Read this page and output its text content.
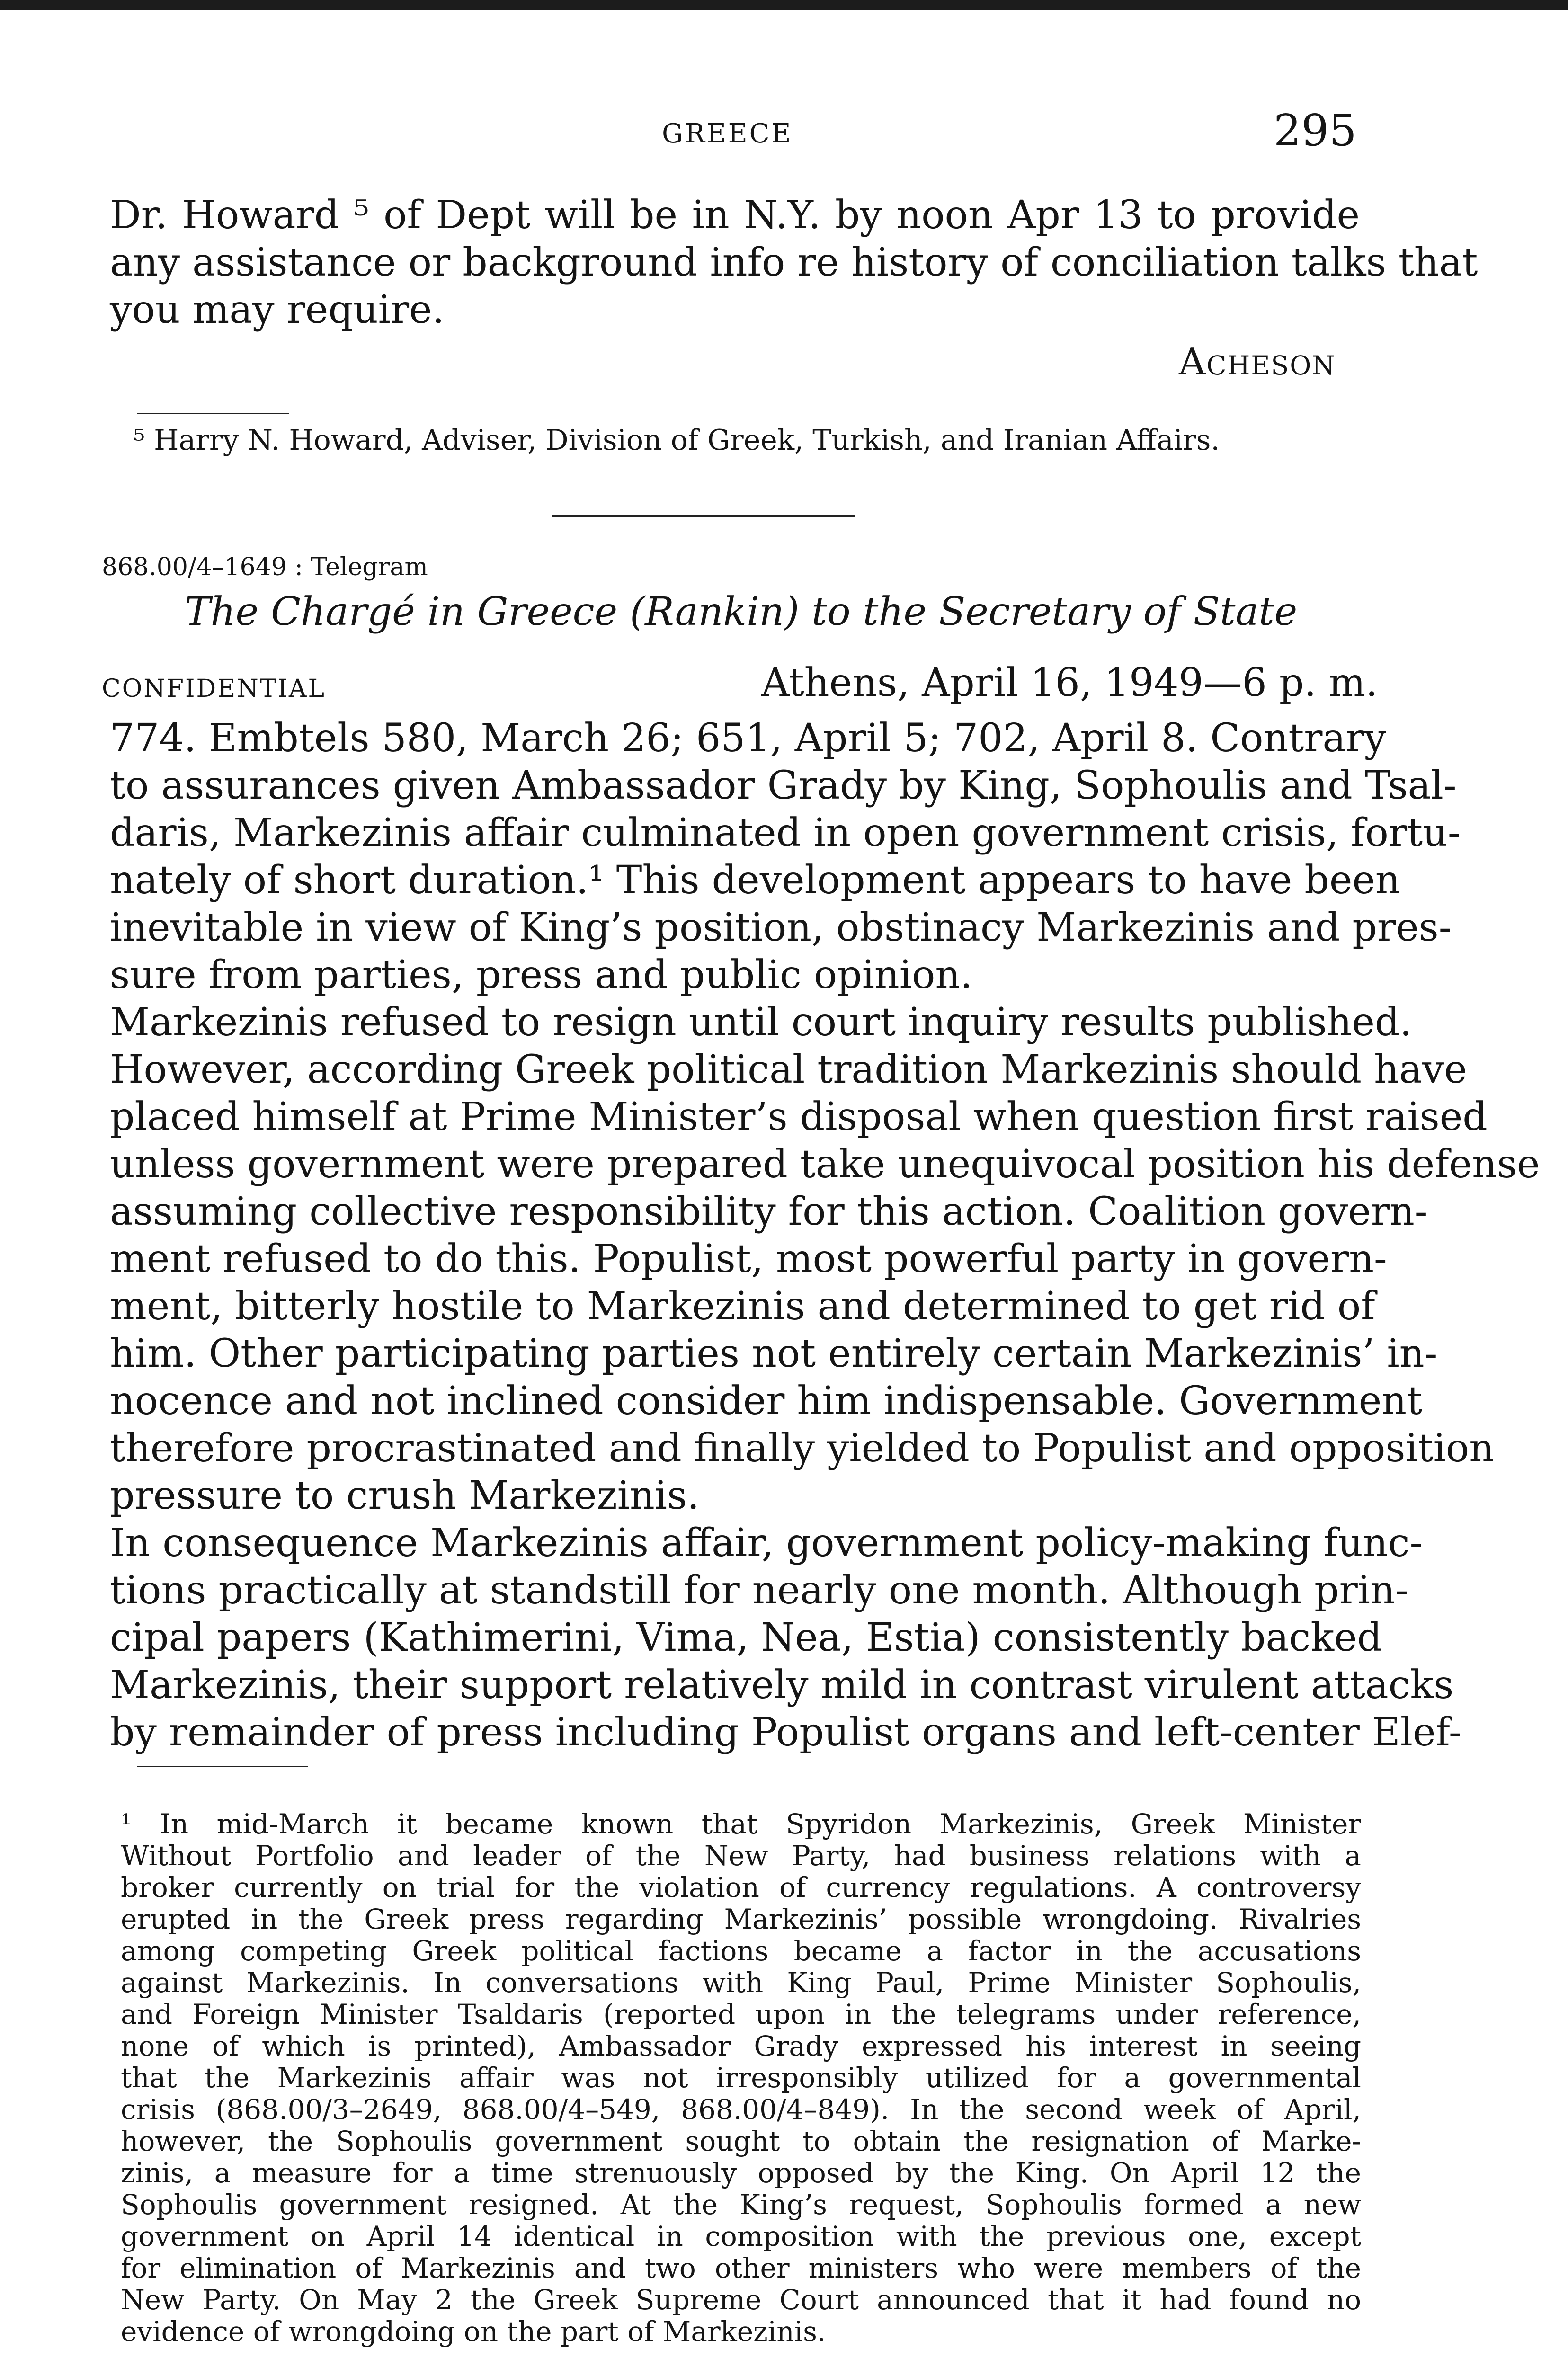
GREECE	295
Dr. Howard ⁵ of Dept will be in N.Y. by noon Apr 13 to provide
any assistance or background info re history of conciliation talks that
you may require.
Acheson
⁵ Harry N. Howard, Adviser, Division of Greek, Turkish, and Iranian Affairs.
868.00/4–1649 : Telegram
The Chargé in Greece (Rankin) to the Secretary of State
CONFIDENTIAL	Athens, April 16, 1949—6 p. m.
774. Embtels 580, March 26; 651, April 5; 702, April 8. Contrary
to assurances given Ambassador Grady by King, Sophoulis and Tsal-
daris, Markezinis affair culminated in open government crisis, fortu-
nately of short duration.¹ This development appears to have been
inevitable in view of King’s position, obstinacy Markezinis and pres-
sure from parties, press and public opinion.
Markezinis refused to resign until court inquiry results published.
However, according Greek political tradition Markezinis should have
placed himself at Prime Minister’s disposal when question first raised
unless government were prepared take unequivocal position his defense
assuming collective responsibility for this action. Coalition govern-
ment refused to do this. Populist, most powerful party in govern-
ment, bitterly hostile to Markezinis and determined to get rid of
him. Other participating parties not entirely certain Markezinis’ in-
nocence and not inclined consider him indispensable. Government
therefore procrastinated and finally yielded to Populist and opposition
pressure to crush Markezinis.
In consequence Markezinis affair, government policy-making func-
tions practically at standstill for nearly one month. Although prin-
cipal papers (Kathimerini, Vima, Nea, Estia) consistently backed
Markezinis, their support relatively mild in contrast virulent attacks
by remainder of press including Populist organs and left-center Elef-
¹ In mid-March it became known that Spyridon Markezinis, Greek Minister
Without Portfolio and leader of the New Party, had business relations with a
broker currently on trial for the violation of currency regulations. A controversy
erupted in the Greek press regarding Markezinis’ possible wrongdoing. Rivalries
among competing Greek political factions became a factor in the accusations
against Markezinis. In conversations with King Paul, Prime Minister Sophoulis,
and Foreign Minister Tsaldaris (reported upon in the telegrams under reference,
none of which is printed), Ambassador Grady expressed his interest in seeing
that the Markezinis affair was not irresponsibly utilized for a governmental
crisis (868.00/3–2649, 868.00/4–549, 868.00/4–849). In the second week of April,
however, the Sophoulis government sought to obtain the resignation of Marke-
zinis, a measure for a time strenuously opposed by the King. On April 12 the
Sophoulis government resigned. At the King’s request, Sophoulis formed a new
government on April 14 identical in composition with the previous one, except
for elimination of Markezinis and two other ministers who were members of the
New Party. On May 2 the Greek Supreme Court announced that it had found no
evidence of wrongdoing on the part of Markezinis.
